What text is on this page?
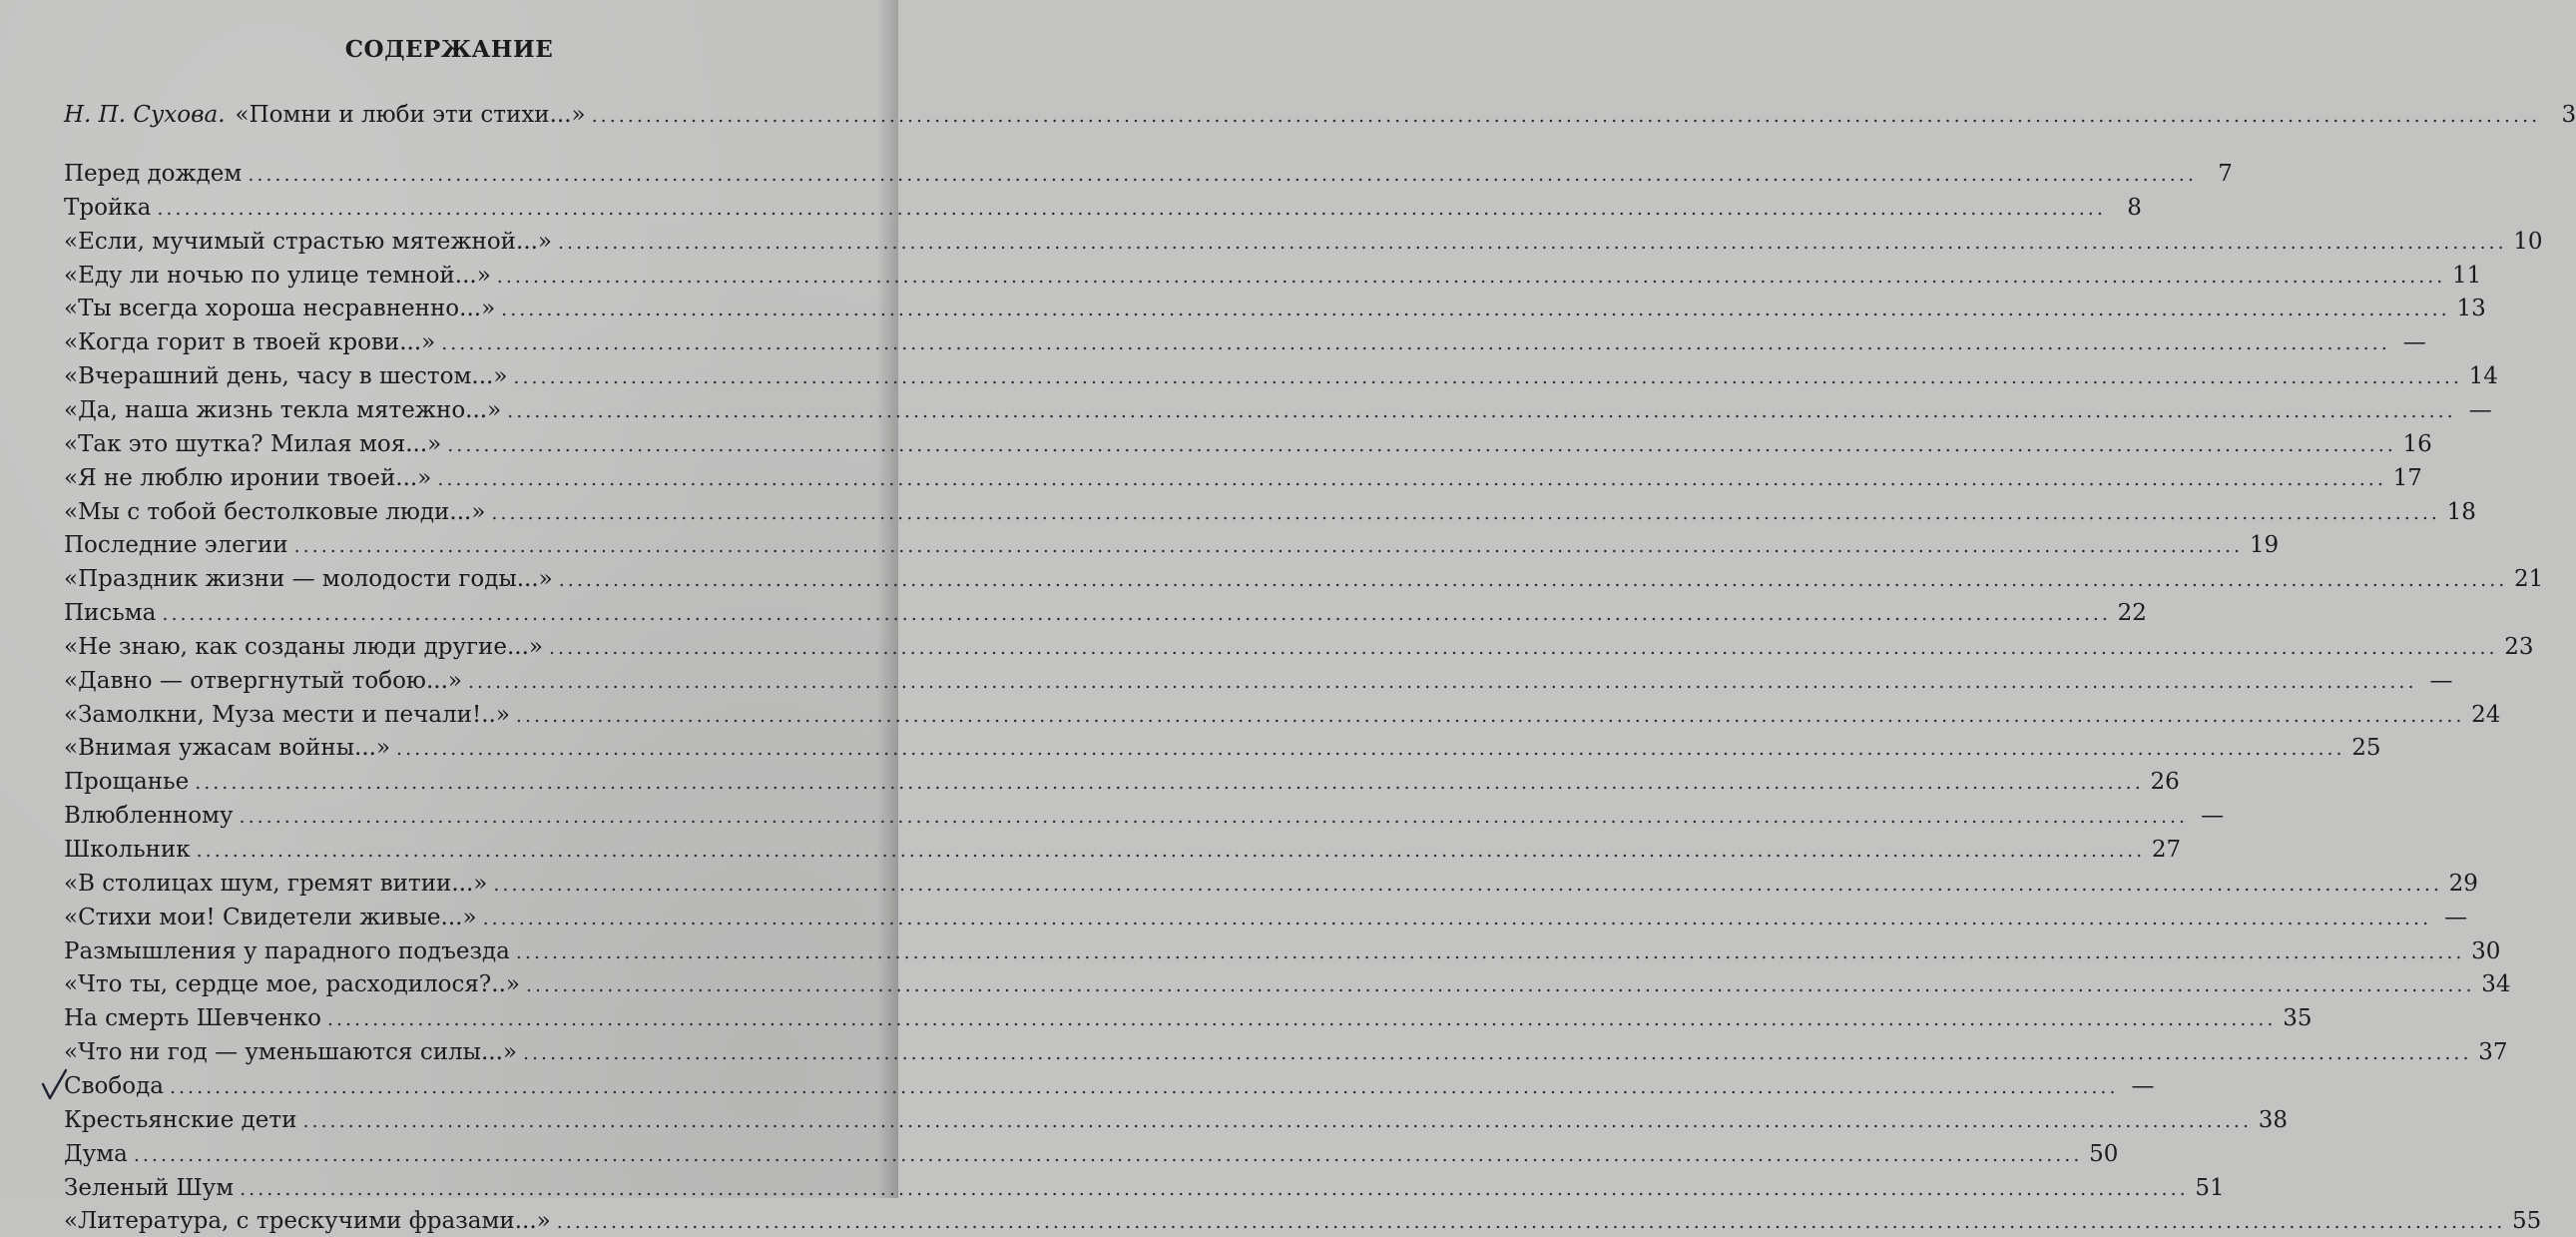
СОДЕРЖАНИЕ
Н. П. Сухова. «Помни и люби эти стихи...» .....	3
Перед дождем .....	7
Тройка .....	8
«Если, мучимый страстью мятежной...» .....	10
«Еду ли ночью по улице темной...» .....	11
«Ты всегда хороша несравненно...» .....	13
«Когда горит в твоей крови...» .....	—
«Вчерашний день, часу в шестом...» .....	14
«Да, наша жизнь текла мятежно...» .....	—
«Так это шутка? Милая моя...» .....	16
«Я не люблю иронии твоей...» .....	17
«Мы с тобой бестолковые люди...» .....	18
Последние элегии .....	19
«Праздник жизни — молодости годы...» .....	21
Письма .....	22
«Не знаю, как созданы люди другие...» .....	23
«Давно — отвергнутый тобою...» .....	—
«Замолкни, Муза мести и печали!..» .....	24
«Внимая ужасам войны...» .....	25
Прощанье .....	26
Влюбленному .....	—
Школьник .....	27
«В столицах шум, гремят витии...» .....	29
«Стихи мои! Свидетели живые...» .....	—
Размышления у парадного подъезда .....	30
«Что ты, сердце мое, расходилося?..» .....	34
На смерть Шевченко .....	35
«Что ни год — уменьшаются силы...» .....	37
Свобода .....	—
Крестьянские дети .....	38
Дума .....	50
Зеленый Шум .....	51
«Литература, с трескучими фразами...» .....	55
